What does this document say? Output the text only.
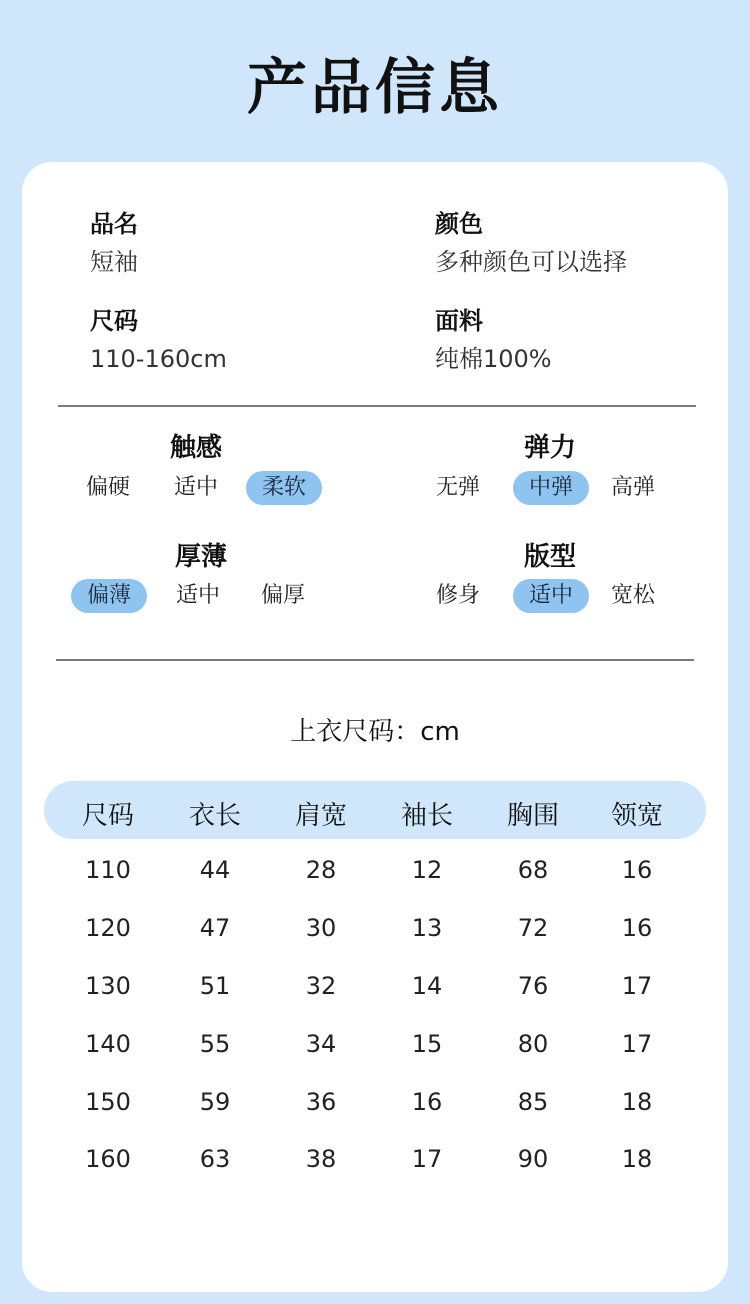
产品信息
品名
短袖
颜色
多种颜色可以选择
尺码
110-160cm
面料
纯棉100%
触感
偏硬	适中	柔软
弹力
无弹	中弹	高弹
厚薄
偏薄	适中	偏厚
版型
修身	适中	宽松
上衣尺码：cm
尺码	衣长	肩宽	袖长	胸围	领宽
110	44	28	12	68	16
120	47	30	13	72	16
130	51	32	14	76	17
140	55	34	15	80	17
150	59	36	16	85	18
160	63	38	17	90	18
